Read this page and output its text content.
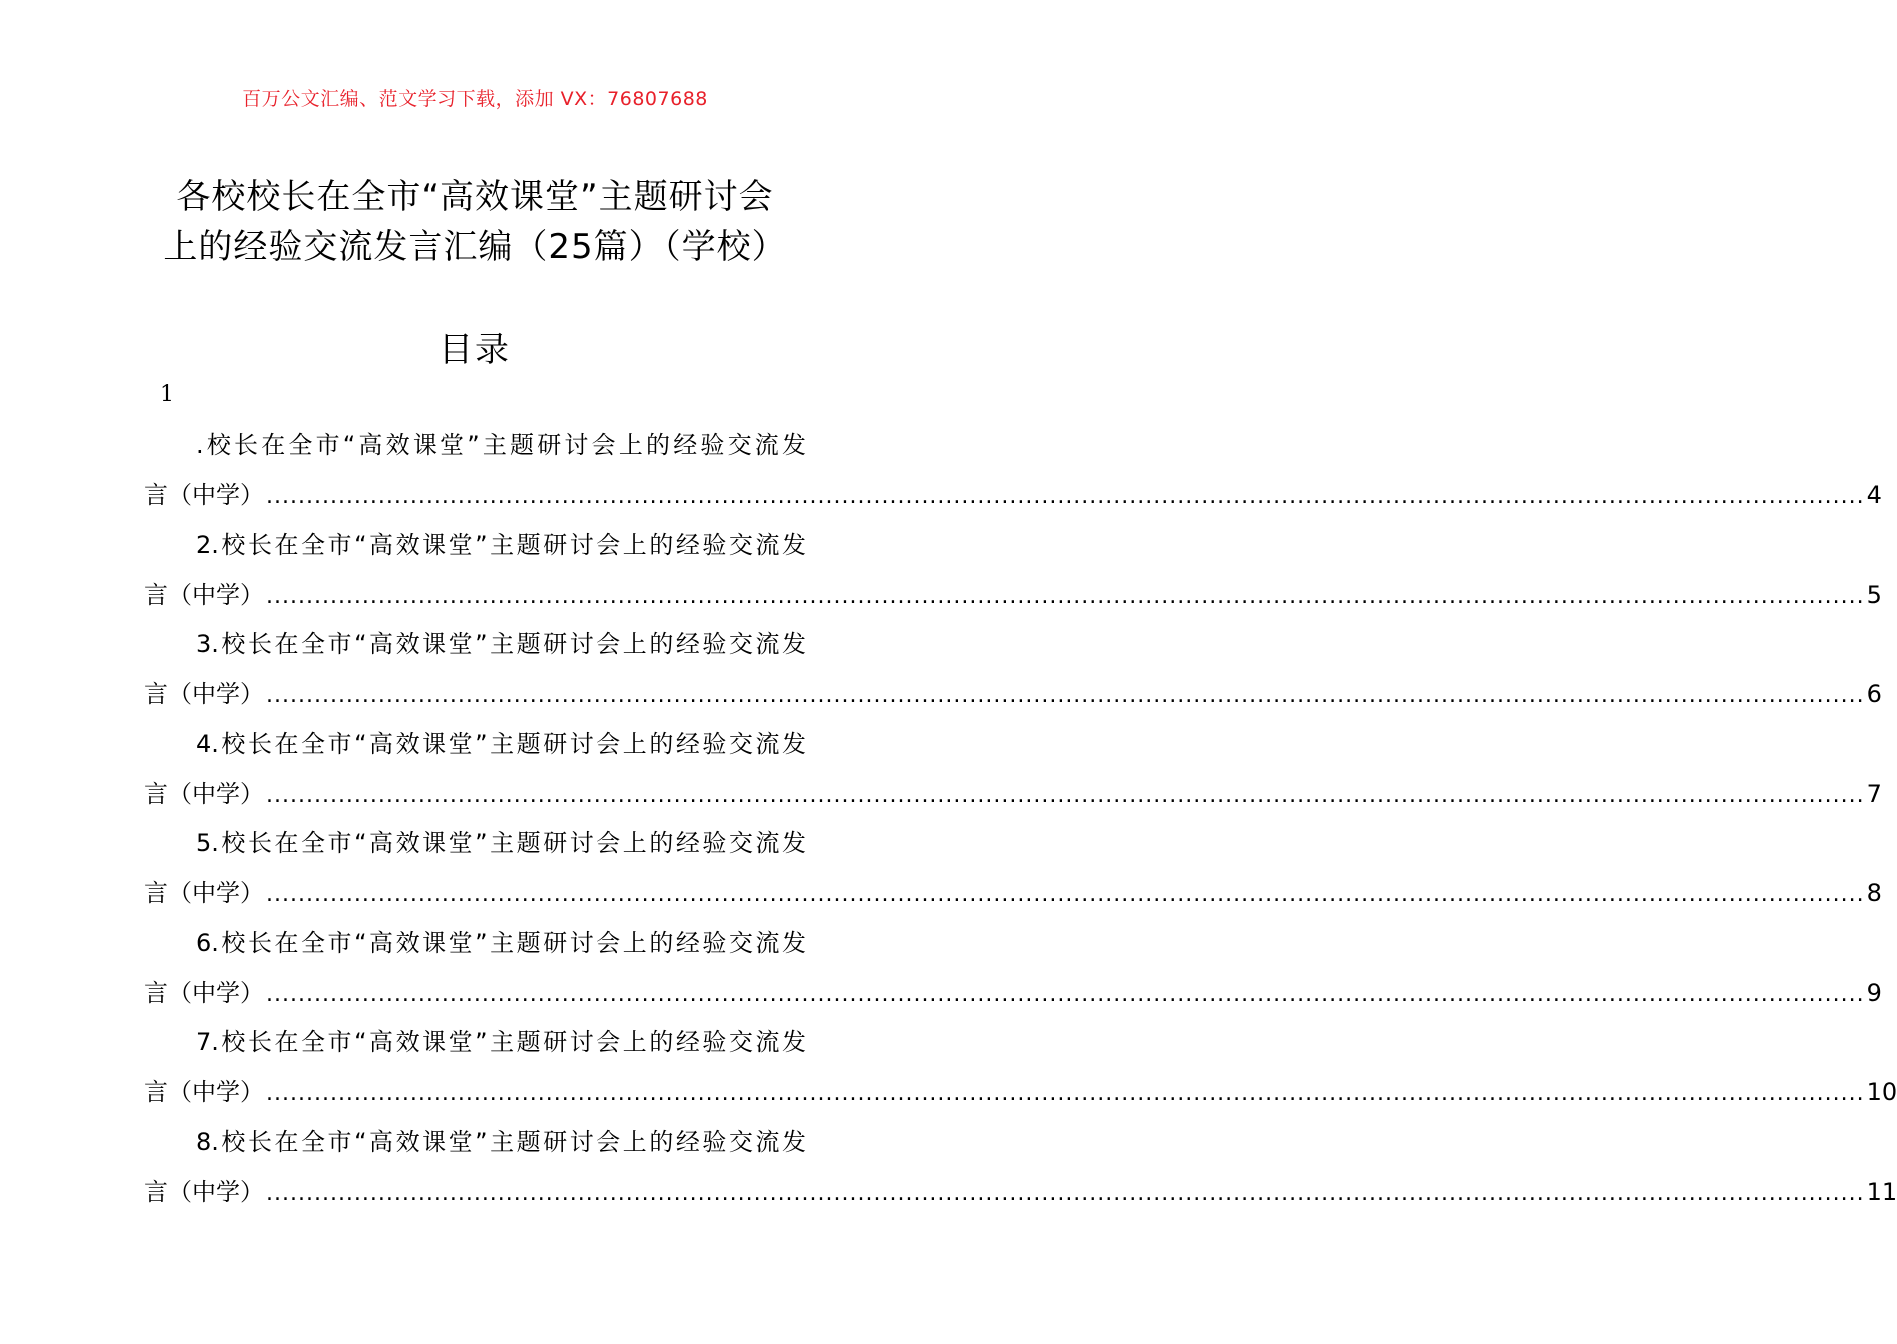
百万公文汇编、范文学习下载，添加 VX：76807688
各校校长在全市“高效课堂”主题研讨会
上的经验交流发言汇编（25篇）（学校）
目录
1
.校长在全市“高效课堂”主题研讨会上的经验交流发
言（中学） ........................................................................................................................................................................................................ 4
2.校长在全市“高效课堂”主题研讨会上的经验交流发
言（中学） ........................................................................................................................................................................................................ 5
3.校长在全市“高效课堂”主题研讨会上的经验交流发
言（中学） ........................................................................................................................................................................................................ 6
4.校长在全市“高效课堂”主题研讨会上的经验交流发
言（中学） ........................................................................................................................................................................................................ 7
5.校长在全市“高效课堂”主题研讨会上的经验交流发
言（中学） ........................................................................................................................................................................................................ 8
6.校长在全市“高效课堂”主题研讨会上的经验交流发
言（中学） ........................................................................................................................................................................................................ 9
7.校长在全市“高效课堂”主题研讨会上的经验交流发
言（中学） ........................................................................................................................................................................................................ 10
8.校长在全市“高效课堂”主题研讨会上的经验交流发
言（中学） ........................................................................................................................................................................................................ 11
